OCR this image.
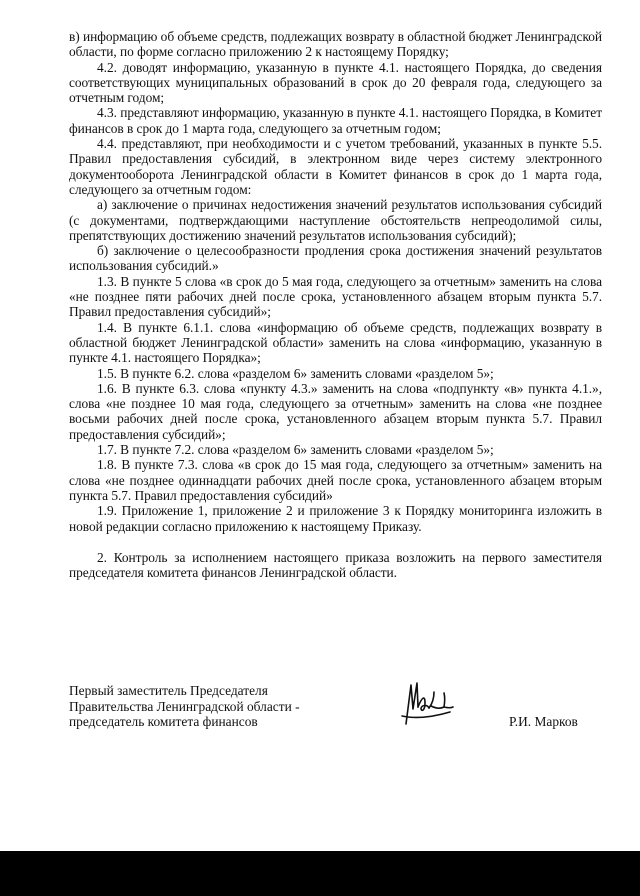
в) информацию об объеме средств, подлежащих возврату в областной бюджет Ленинградской области, по форме согласно приложению 2 к настоящему Порядку;

4.2. доводят информацию, указанную в пункте 4.1. настоящего Порядка, до сведения соответствующих муниципальных образований в срок до 20 февраля года, следующего за отчетным годом;

4.3. представляют информацию, указанную в пункте 4.1. настоящего Порядка, в Комитет финансов в срок до 1 марта года, следующего за отчетным годом;

4.4. представляют, при необходимости и с учетом требований, указанных в пункте 5.5. Правил предоставления субсидий, в электронном виде через систему электронного документооборота Ленинградской области в Комитет финансов в срок до 1 марта года, следующего за отчетным годом:

а) заключение о причинах недостижения значений результатов использования субсидий (с документами, подтверждающими наступление обстоятельств непреодолимой силы, препятствующих достижению значений результатов использования субсидий);

б) заключение о целесообразности продления срока достижения значений результатов использования субсидий.»

1.3. В пункте 5 слова «в срок до 5 мая года, следующего за отчетным» заменить на слова «не позднее пяти рабочих дней после срока, установленного абзацем вторым пункта 5.7. Правил предоставления субсидий»;

1.4. В пункте 6.1.1. слова «информацию об объеме средств, подлежащих возврату в областной бюджет Ленинградской области» заменить на слова «информацию, указанную в пункте 4.1. настоящего Порядка»;

1.5. В пункте 6.2. слова «разделом 6» заменить словами «разделом 5»;

1.6. В пункте 6.3. слова «пункту 4.3.» заменить на слова «подпункту «в» пункта 4.1.», слова «не позднее 10 мая года, следующего за отчетным» заменить на слова «не позднее восьми рабочих дней после срока, установленного абзацем вторым пункта 5.7. Правил предоставления субсидий»;

1.7. В пункте 7.2. слова «разделом 6» заменить словами «разделом 5»;

1.8. В пункте 7.3. слова «в срок до 15 мая года, следующего за отчетным» заменить на слова «не позднее одиннадцати рабочих дней после срока, установленного абзацем вторым пункта 5.7. Правил предоставления субсидий»

1.9. Приложение 1, приложение 2 и приложение 3 к Порядку мониторинга изложить в новой редакции согласно приложению к настоящему Приказу.

2. Контроль за исполнением настоящего приказа возложить на первого заместителя председателя комитета финансов Ленинградской области.

Первый заместитель Председателя

Правительства Ленинградской области -

председатель комитета финансов	Р.И. Марков
